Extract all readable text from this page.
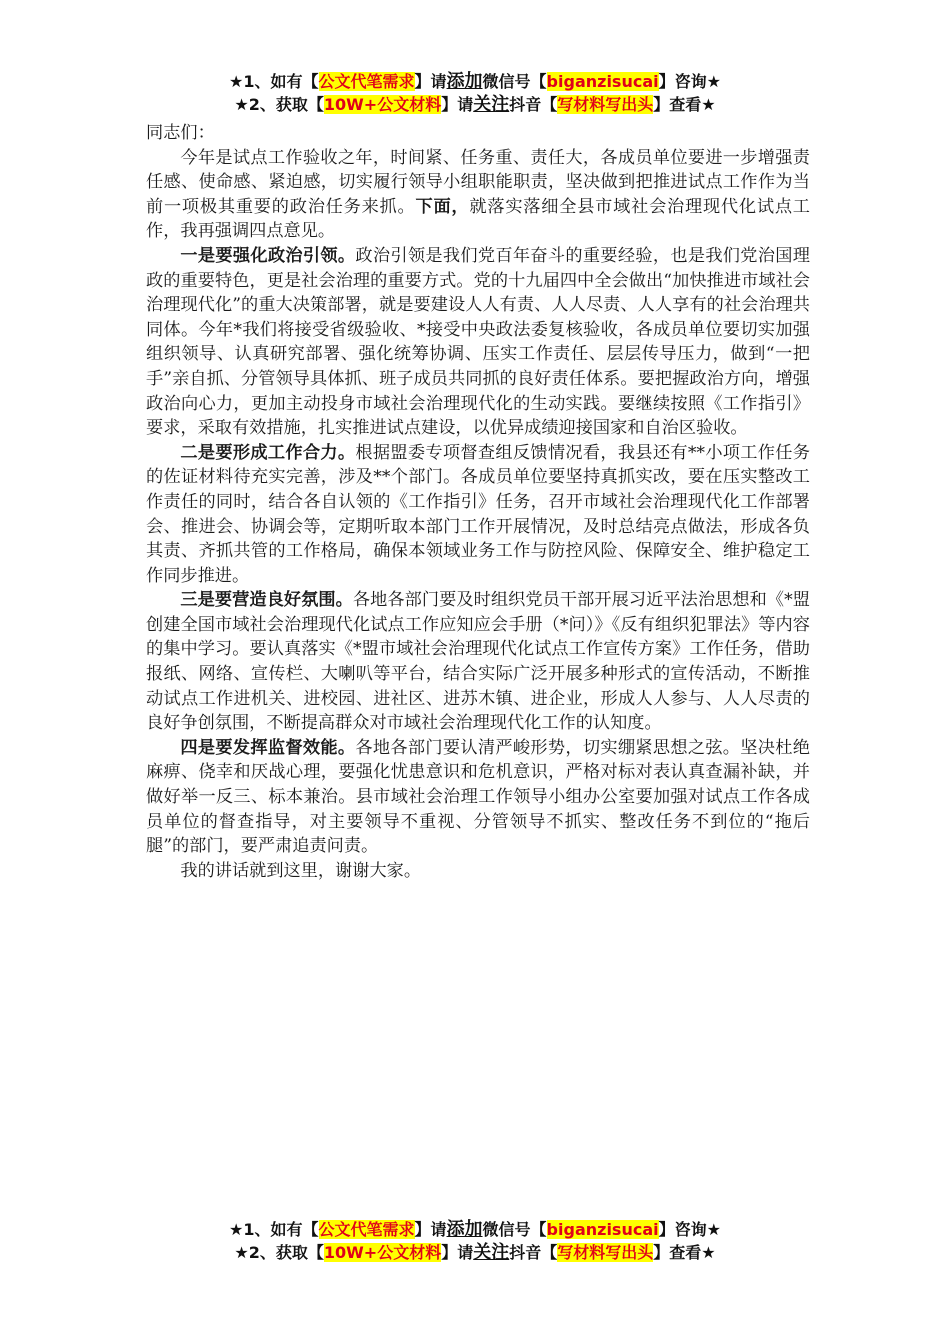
★1、如有【公文代笔需求】请添加微信号【biganzisucai】咨询★
★2、获取【10W+公文材料】请关注抖音【写材料写出头】查看★

同志们：

今年是试点工作验收之年，时间紧、任务重、责任大，各成员单位要进一步增强责任感、使命感、紧迫感，切实履行领导小组职能职责，坚决做到把推进试点工作作为当前一项极其重要的政治任务来抓。下面，就落实落细全县市域社会治理现代化试点工作，我再强调四点意见。

一是要强化政治引领。政治引领是我们党百年奋斗的重要经验，也是我们党治国理政的重要特色，更是社会治理的重要方式。党的十九届四中全会做出“加快推进市域社会治理现代化”的重大决策部署，就是要建设人人有责、人人尽责、人人享有的社会治理共同体。今年*我们将接受省级验收、*接受中央政法委复核验收，各成员单位要切实加强组织领导、认真研究部署、强化统筹协调、压实工作责任、层层传导压力，做到“一把手”亲自抓、分管领导具体抓、班子成员共同抓的良好责任体系。要把握政治方向，增强政治向心力，更加主动投身市域社会治理现代化的生动实践。要继续按照《工作指引》要求，采取有效措施，扎实推进试点建设，以优异成绩迎接国家和自治区验收。

二是要形成工作合力。根据盟委专项督查组反馈情况看，我县还有**小项工作任务的佐证材料待充实完善，涉及**个部门。各成员单位要坚持真抓实改，要在压实整改工作责任的同时，结合各自认领的《工作指引》任务，召开市域社会治理现代化工作部署会、推进会、协调会等，定期听取本部门工作开展情况，及时总结亮点做法，形成各负其责、齐抓共管的工作格局，确保本领域业务工作与防控风险、保障安全、维护稳定工作同步推进。

三是要营造良好氛围。各地各部门要及时组织党员干部开展习近平法治思想和《*盟创建全国市域社会治理现代化试点工作应知应会手册（*问）》《反有组织犯罪法》等内容的集中学习。要认真落实《*盟市域社会治理现代化试点工作宣传方案》工作任务，借助报纸、网络、宣传栏、大喇叭等平台，结合实际广泛开展多种形式的宣传活动，不断推动试点工作进机关、进校园、进社区、进苏木镇、进企业，形成人人参与、人人尽责的良好争创氛围，不断提高群众对市域社会治理现代化工作的认知度。

四是要发挥监督效能。各地各部门要认清严峻形势，切实绷紧思想之弦。坚决杜绝麻痹、侥幸和厌战心理，要强化忧患意识和危机意识，严格对标对表认真查漏补缺，并做好举一反三、标本兼治。县市域社会治理工作领导小组办公室要加强对试点工作各成员单位的督查指导，对主要领导不重视、分管领导不抓实、整改任务不到位的“拖后腿”的部门，要严肃追责问责。

我的讲话就到这里，谢谢大家。

★1、如有【公文代笔需求】请添加微信号【biganzisucai】咨询★
★2、获取【10W+公文材料】请关注抖音【写材料写出头】查看★
